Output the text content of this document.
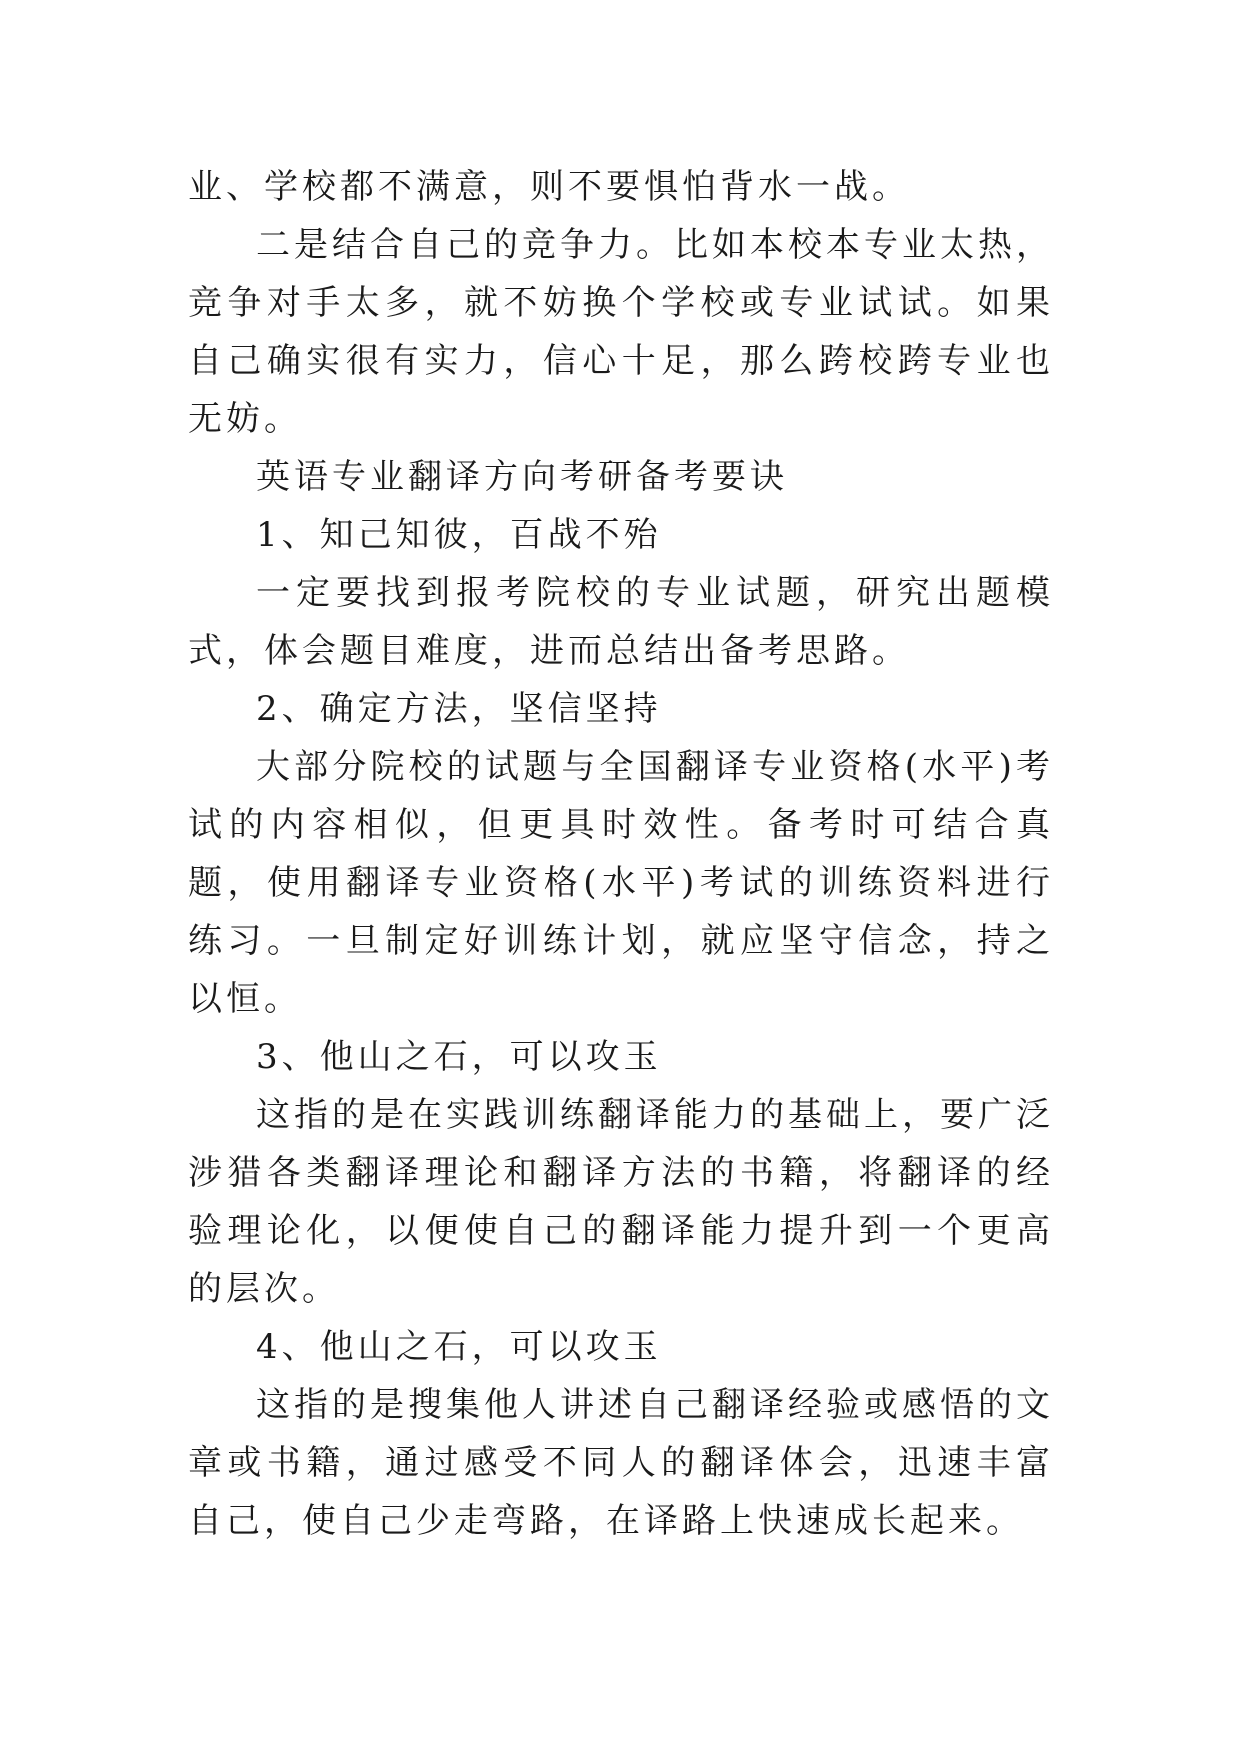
业、学校都不满意，则不要惧怕背水一战。

二是结合自己的竞争力。比如本校本专业太热，竞争对手太多，就不妨换个学校或专业试试。如果自己确实很有实力，信心十足，那么跨校跨专业也无妨。

英语专业翻译方向考研备考要诀

1、知己知彼，百战不殆

一定要找到报考院校的专业试题，研究出题模式，体会题目难度，进而总结出备考思路。

2、确定方法，坚信坚持

大部分院校的试题与全国翻译专业资格(水平)考试的内容相似，但更具时效性。备考时可结合真题，使用翻译专业资格(水平)考试的训练资料进行练习。一旦制定好训练计划，就应坚守信念，持之以恒。

3、他山之石，可以攻玉

这指的是在实践训练翻译能力的基础上，要广泛涉猎各类翻译理论和翻译方法的书籍，将翻译的经验理论化，以便使自己的翻译能力提升到一个更高的层次。

4、他山之石，可以攻玉

这指的是搜集他人讲述自己翻译经验或感悟的文章或书籍，通过感受不同人的翻译体会，迅速丰富自己，使自己少走弯路，在译路上快速成长起来。
